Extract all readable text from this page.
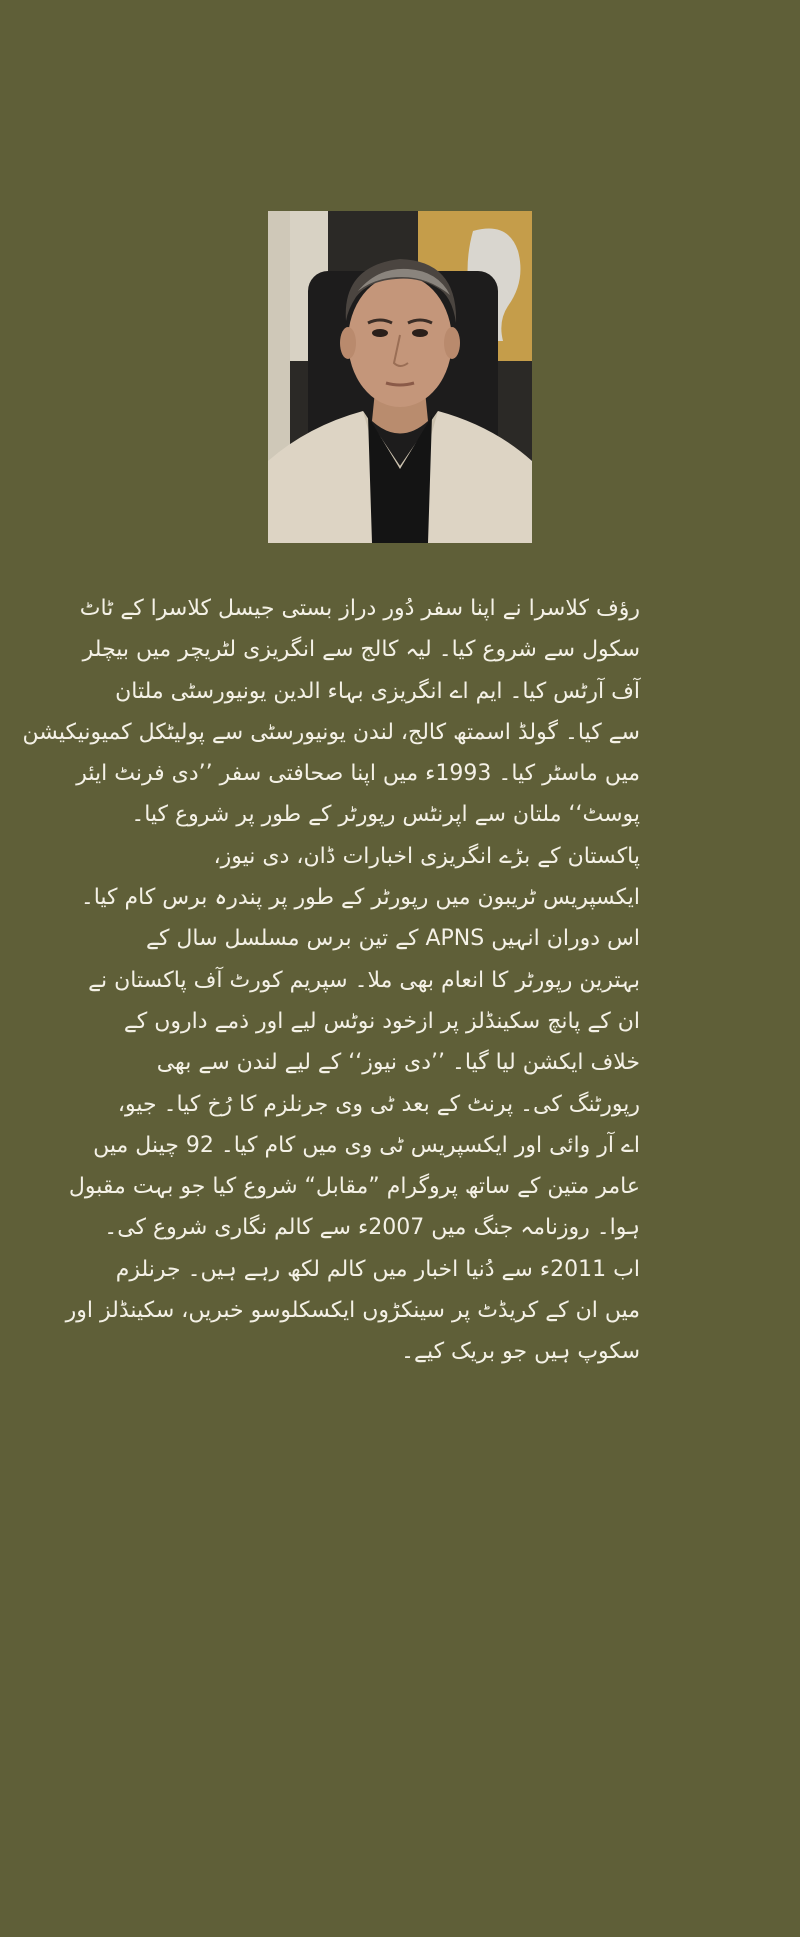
رؤف کلاسرا نے اپنا سفر دُور دراز بستی جیسل کلاسرا کے ٹاٹ
سکول سے شروع کیا۔ لیہ کالج سے انگریزی لٹریچر میں بیچلر
آف آرٹس کیا۔ ایم اے انگریزی بہاء الدین یونیورسٹی ملتان
سے کیا۔ گولڈ اسمتھ کالج، لندن یونیورسٹی سے پولیٹکل کمیونیکیشن
میں ماسٹر کیا۔ 1993ء میں اپنا صحافتی سفر ’’دی فرنٹ ایئر
پوسٹ‘‘ ملتان سے اپرنٹس رپورٹر کے طور پر شروع کیا۔
پاکستان کے بڑے انگریزی اخبارات ڈان، دی نیوز،
ایکسپریس ٹریبون میں رپورٹر کے طور پر پندرہ برس کام کیا۔
اس دوران انہیں APNS کے تین برس مسلسل سال کے
بہترین رپورٹر کا انعام بھی ملا۔ سپریم کورٹ آف پاکستان نے
ان کے پانچ سکینڈلز پر ازخود نوٹس لیے اور ذمے داروں کے
خلاف ایکشن لیا گیا۔ ’’دی نیوز‘‘ کے لیے لندن سے بھی
رپورٹنگ کی۔ پرنٹ کے بعد ٹی وی جرنلزم کا رُخ کیا۔ جیو،
اے آر وائی اور ایکسپریس ٹی وی میں کام کیا۔ 92 چینل میں
عامر متین کے ساتھ پروگرام ”مقابل“ شروع کیا جو بہت مقبول
ہوا۔ روزنامہ جنگ میں 2007ء سے کالم نگاری شروع کی۔
اب 2011ء سے دُنیا اخبار میں کالم لکھ رہے ہیں۔ جرنلزم
میں ان کے کریڈٹ پر سینکڑوں ایکسکلوسو خبریں، سکینڈلز اور
سکوپ ہیں جو بریک کیے۔
